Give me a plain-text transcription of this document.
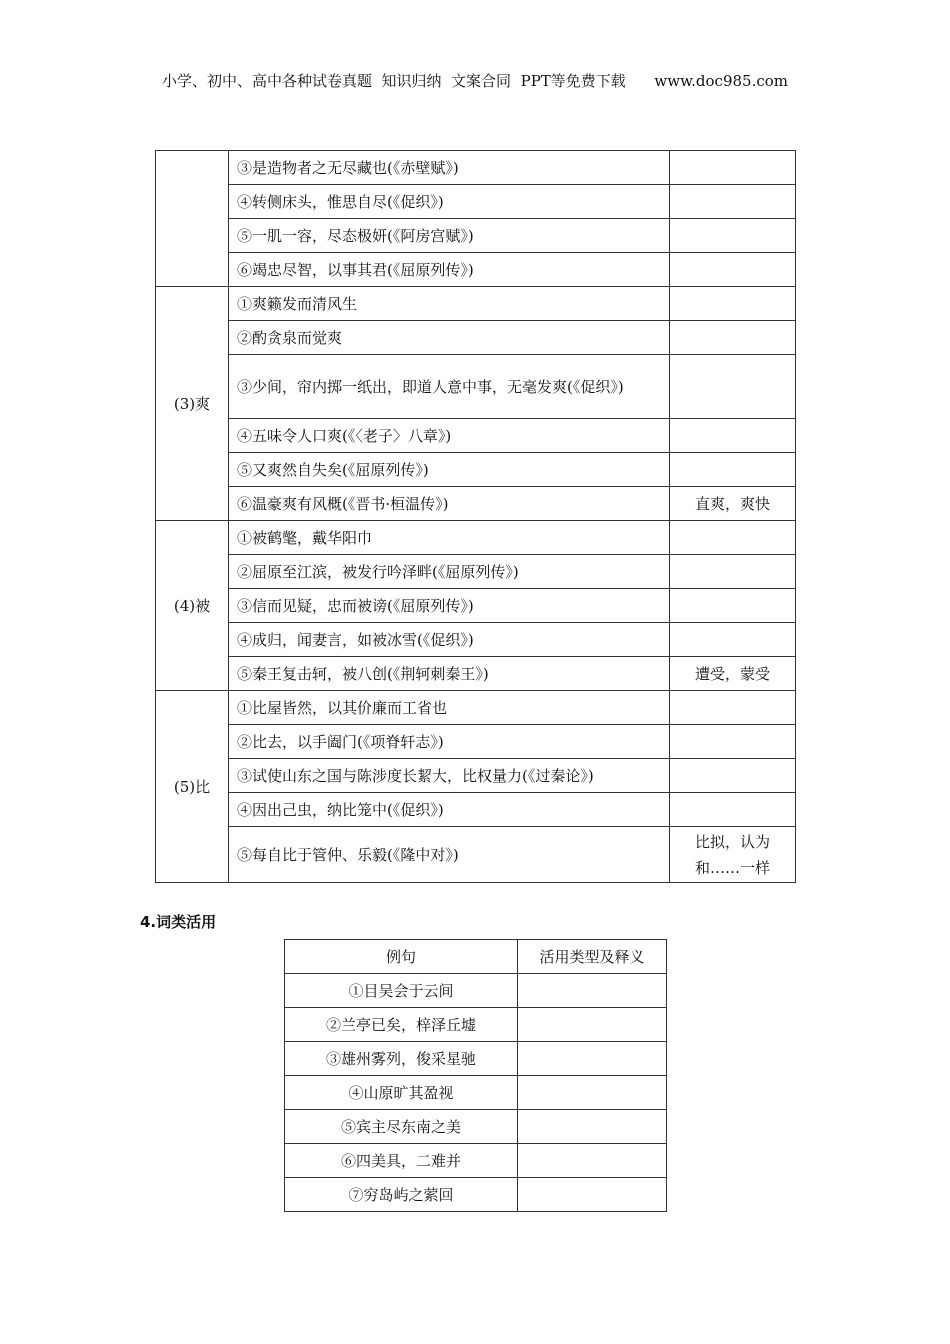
小学、初中、高中各种试卷真题  知识归纳  文案合同  PPT等免费下载 www.doc985.com
	③是造物者之无尽藏也(《赤壁赋》)	
	④转侧床头，惟思自尽(《促织》)	
	⑤一肌一容，尽态极妍(《阿房宫赋》)	
	⑥竭忠尽智，以事其君(《屈原列传》)	
(3)爽	①爽籁发而清风生	
	②酌贪泉而觉爽	
	③少间，帘内掷一纸出，即道人意中事，无毫发爽(《促织》)	
	④五味令人口爽(《〈老子〉八章》)	
	⑤又爽然自失矣(《屈原列传》)	
	⑥温豪爽有风概(《晋书·桓温传》)	直爽，爽快
(4)被	①被鹤氅，戴华阳巾	
	②屈原至江滨，被发行吟泽畔(《屈原列传》)	
	③信而见疑，忠而被谤(《屈原列传》)	
	④成归，闻妻言，如被冰雪(《促织》)	
	⑤秦王复击轲，被八创(《荆轲刺秦王》)	遭受，蒙受
(5)比	①比屋皆然，以其价廉而工省也	
	②比去，以手阖门(《项脊轩志》)	
	③试使山东之国与陈涉度长絜大，比权量力(《过秦论》)	
	④因出己虫，纳比笼中(《促织》)	
	⑤每自比于管仲、乐毅(《隆中对》)	比拟，认为和……一样
4.词类活用
例句	活用类型及释义
①目吴会于云间	
②兰亭已矣，梓泽丘墟	
③雄州雾列，俊采星驰	
④山原旷其盈视	
⑤宾主尽东南之美	
⑥四美具，二难并	
⑦穷岛屿之萦回	
